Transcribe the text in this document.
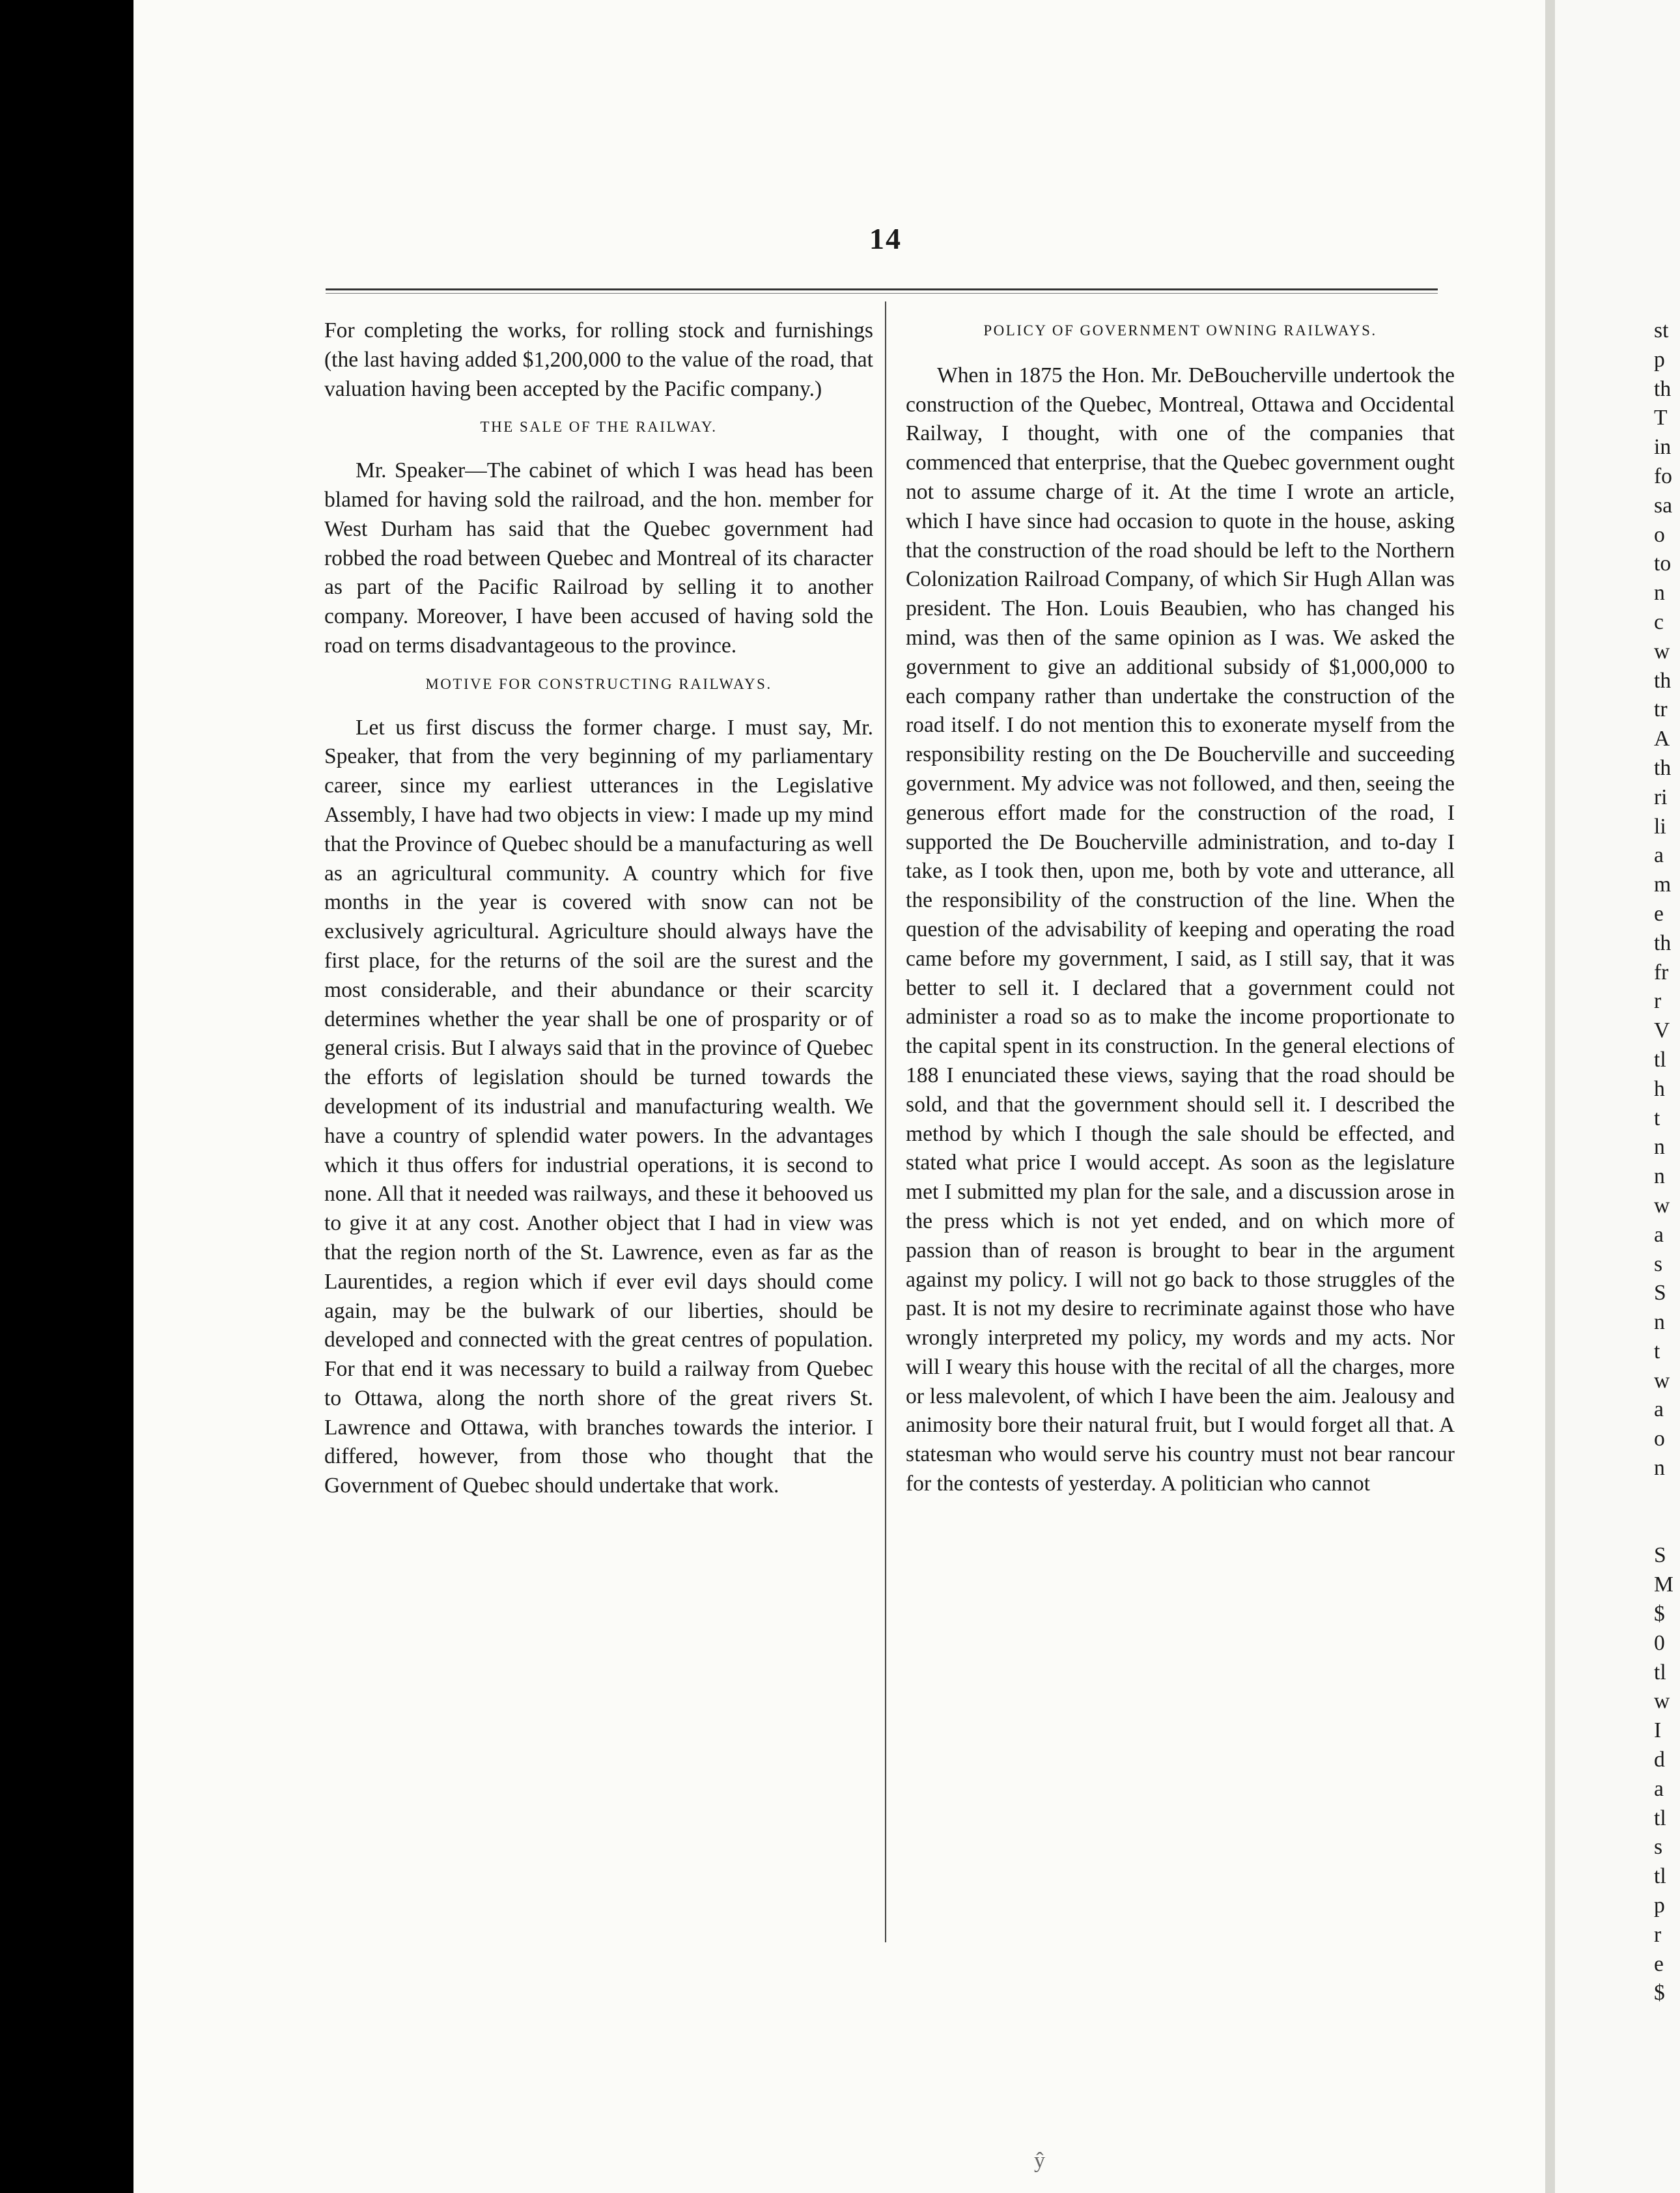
14

For completing the works, for rolling stock and furnishings (the last having added $1,200,000 to the value of the road, that valuation having been accepted by the Pacific company.)

THE SALE OF THE RAILWAY.

Mr. Speaker—The cabinet of which I was head has been blamed for having sold the railroad, and the hon. member for West Durham has said that the Quebec government had robbed the road between Quebec and Montreal of its character as part of the Pacific Railroad by selling it to another company. Moreover, I have been accused of having sold the road on terms disadvantageous to the province.

MOTIVE FOR CONSTRUCTING RAILWAYS.

Let us first discuss the former charge. I must say, Mr. Speaker, that from the very beginning of my parliamentary career, since my earliest utterances in the Legislative Assembly, I have had two objects in view: I made up my mind that the Province of Quebec should be a manufacturing as well as an agricultural community. A country which for five months in the year is covered with snow can not be exclusively agricultural. Agriculture should always have the first place, for the returns of the soil are the surest and the most considerable, and their abundance or their scarcity determines whether the year shall be one of prosparity or of general crisis. But I always said that in the province of Quebec the efforts of legislation should be turned towards the development of its industrial and manufacturing wealth. We have a country of splendid water powers. In the advantages which it thus offers for industrial operations, it is second to none. All that it needed was railways, and these it behooved us to give it at any cost. Another object that I had in view was that the region north of the St. Lawrence, even as far as the Laurentides, a region which if ever evil days should come again, may be the bulwark of our liberties, should be developed and connected with the great centres of population. For that end it was necessary to build a railway from Quebec to Ottawa, along the north shore of the great rivers St. Lawrence and Ottawa, with branches towards the interior. I differed, however, from those who thought that the Government of Quebec should undertake that work.

POLICY OF GOVERNMENT OWNING RAILWAYS.

When in 1875 the Hon. Mr. DeBoucherville undertook the construction of the Quebec, Montreal, Ottawa and Occidental Railway, I thought, with one of the companies that commenced that enterprise, that the Quebec government ought not to assume charge of it. At the time I wrote an article, which I have since had occasion to quote in the house, asking that the construction of the road should be left to the Northern Colonization Railroad Company, of which Sir Hugh Allan was president. The Hon. Louis Beaubien, who has changed his mind, was then of the same opinion as I was. We asked the government to give an additional subsidy of $1,000,000 to each company rather than undertake the construction of the road itself. I do not mention this to exonerate myself from the responsibility resting on the De Boucherville and succeeding government. My advice was not followed, and then, seeing the generous effort made for the construction of the road, I supported the De Boucherville administration, and to-day I take, as I took then, upon me, both by vote and utterance, all the responsibility of the construction of the line. When the question of the advisability of keeping and operating the road came before my government, I said, as I still say, that it was better to sell it. I declared that a government could not administer a road so as to make the income proportionate to the capital spent in its construction. In the general elections of 188 I enunciated these views, saying that the road should be sold, and that the government should sell it. I described the method by which I though the sale should be effected, and stated what price I would accept. As soon as the legislature met I submitted my plan for the sale, and a discussion arose in the press which is not yet ended, and on which more of passion than of reason is brought to bear in the argument against my policy. I will not go back to those struggles of the past. It is not my desire to recriminate against those who have wrongly interpreted my policy, my words and my acts. Nor will I weary this house with the recital of all the charges, more or less malevolent, of which I have been the aim. Jealousy and animosity bore their natural fruit, but I would forget all that. A statesman who would serve his country must not bear rancour for the contests of yesterday. A politician who cannot

st
p
th
T
in
fo
sa
o
to
n
c
w
th
tr
A
th
ri
li
a
m
e
th
fr
r
V
tl
h
t
n
n
w
a
s
S
n
t
w
a
o
n
S
M
$
0
tl
w
I
d
a
tl
s
tl
p
r
e
$
ŷ
